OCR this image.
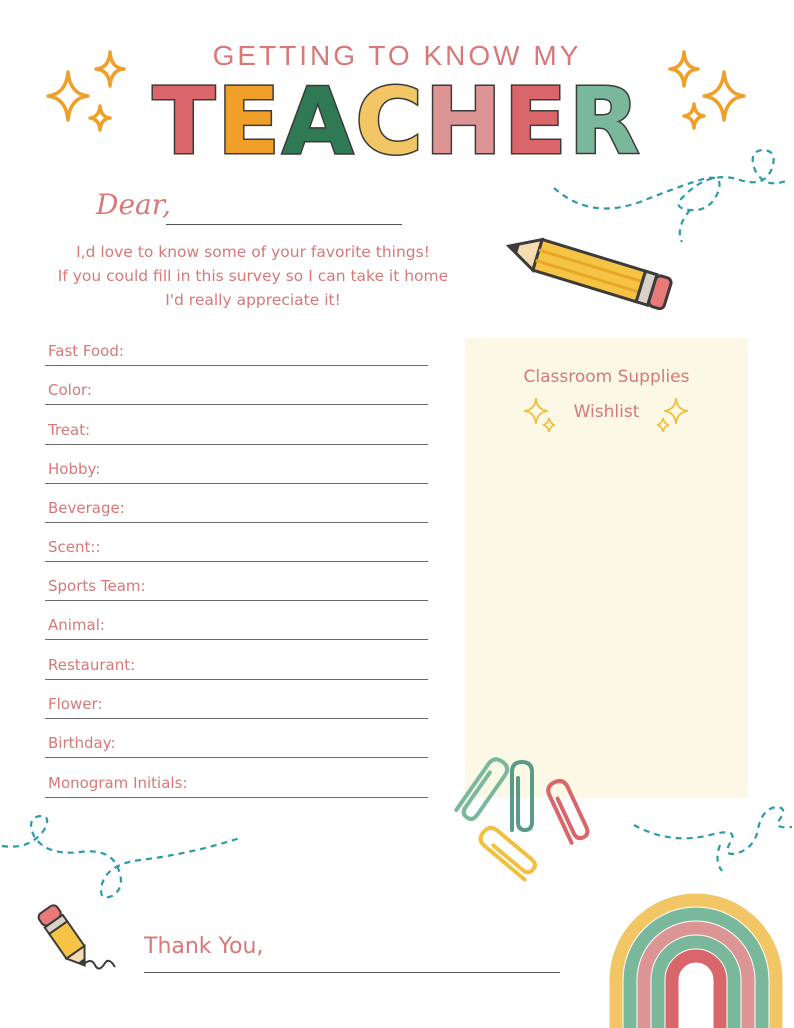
GETTING TO KNOW MY
TEACHER
Dear,
I,d love to know some of your favorite things!
If you could fill in this survey so I can take it home
I'd really appreciate it!
Fast Food:
Color:
Treat:
Hobby:
Beverage:
Scent::
Sports Team:
Animal:
Restaurant:
Flower:
Birthday:
Monogram Initials:
Classroom Supplies
Wishlist
Thank You,
